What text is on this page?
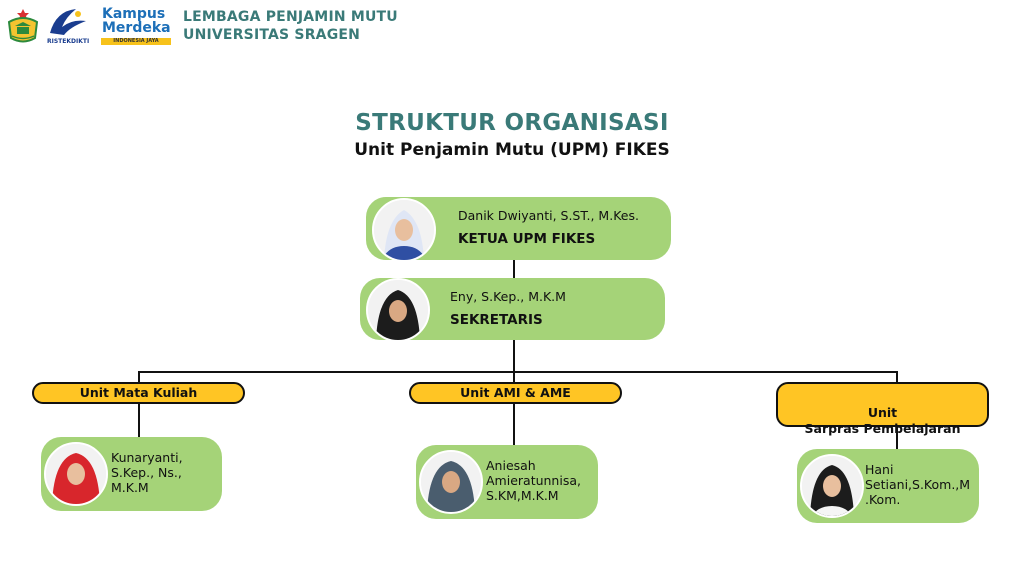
RISTEKDIKTI
Kampus
Merdeka
INDONESIA JAYA
LEMBAGA PENJAMIN MUTU
UNIVERSITAS SRAGEN
STRUKTUR ORGANISASI
Unit Penjamin Mutu (UPM) FIKES
Danik Dwiyanti, S.ST., M.Kes.
KETUA UPM FIKES
Eny, S.Kep., M.K.M
SEKRETARIS
Unit Mata Kuliah
Kunaryanti,
S.Kep., Ns.,
M.K.M
Unit AMI & AME
Aniesah
Amieratunnisa,
S.KM,M.K.M

Unit
Sarpras Pembelajaran

Hani
Setiani,S.Kom.,M
.Kom.
